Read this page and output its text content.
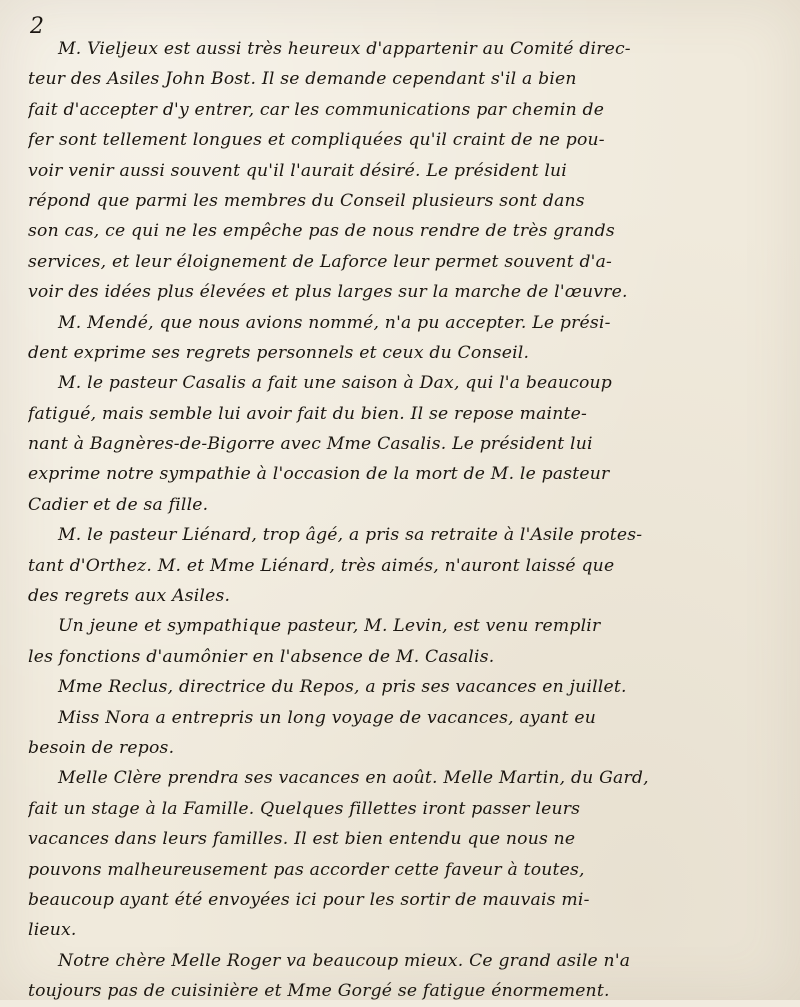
2
M. Vieljeux est aussi très heureux d'appartenir au Comité direc-
teur des Asiles John Bost. Il se demande cependant s'il a bien
fait d'accepter d'y entrer, car les communications par chemin de
fer sont tellement longues et compliquées qu'il craint de ne pou-
voir venir aussi souvent qu'il l'aurait désiré. Le président lui
répond que parmi les membres du Conseil plusieurs sont dans
son cas, ce qui ne les empêche pas de nous rendre de très grands
services, et leur éloignement de Laforce leur permet souvent d'a-
voir des idées plus élevées et plus larges sur la marche de l'œuvre.
M. Mendé, que nous avions nommé, n'a pu accepter. Le prési-
dent exprime ses regrets personnels et ceux du Conseil.
M. le pasteur Casalis a fait une saison à Dax, qui l'a beaucoup
fatigué, mais semble lui avoir fait du bien. Il se repose mainte-
nant à Bagnères-de-Bigorre avec Mme Casalis. Le président lui
exprime notre sympathie à l'occasion de la mort de M. le pasteur
Cadier et de sa fille.
M. le pasteur Liénard, trop âgé, a pris sa retraite à l'Asile protes-
tant d'Orthez. M. et Mme Liénard, très aimés, n'auront laissé que
des regrets aux Asiles.
Un jeune et sympathique pasteur, M. Levin, est venu remplir
les fonctions d'aumônier en l'absence de M. Casalis.
Mme Reclus, directrice du Repos, a pris ses vacances en juillet.
Miss Nora a entrepris un long voyage de vacances, ayant eu
besoin de repos.
Melle Clère prendra ses vacances en août. Melle Martin, du Gard,
fait un stage à la Famille. Quelques fillettes iront passer leurs
vacances dans leurs familles. Il est bien entendu que nous ne
pouvons malheureusement pas accorder cette faveur à toutes,
beaucoup ayant été envoyées ici pour les sortir de mauvais mi-
lieux.
Notre chère Melle Roger va beaucoup mieux. Ce grand asile n'a
toujours pas de cuisinière et Mme Gorgé se fatigue énormement.
